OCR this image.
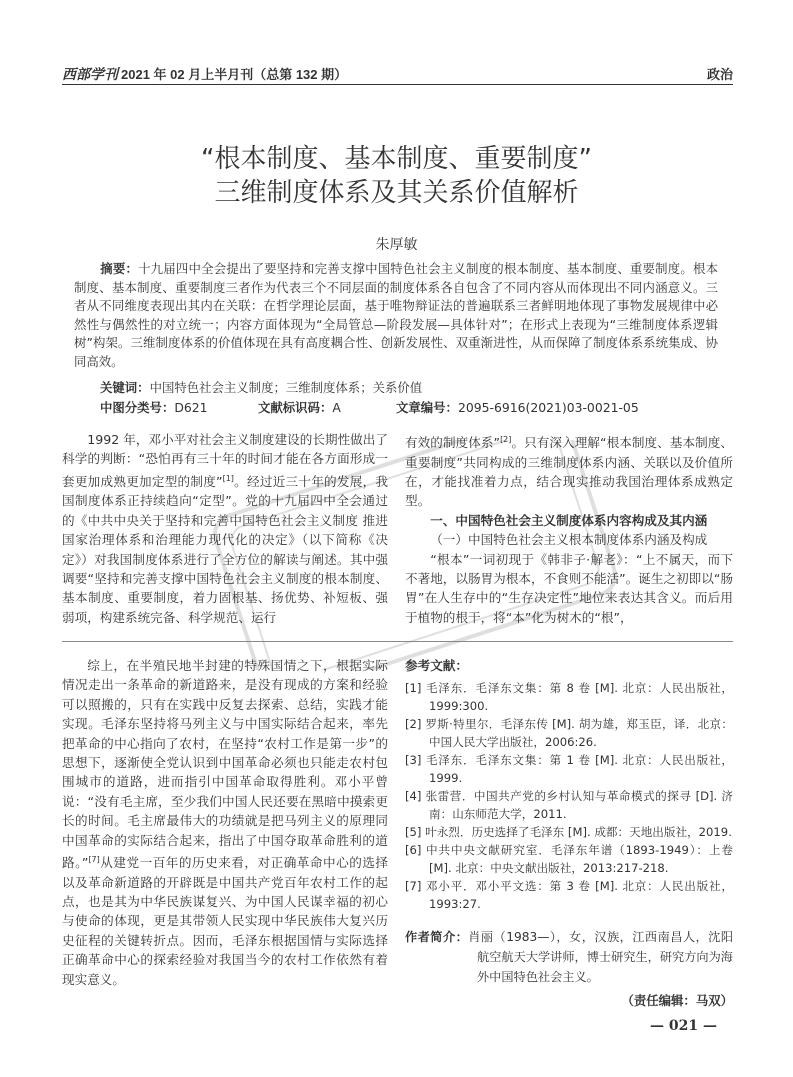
西部学刊 2021 年 02 月上半月刊（总第 132 期）	政治
“根本制度、基本制度、重要制度”
三维制度体系及其关系价值解析
朱厚敏
摘要：十九届四中全会提出了要坚持和完善支撑中国特色社会主义制度的根本制度、基本制度、重要制度。根本制度、基本制度、重要制度三者作为代表三个不同层面的制度体系各自包含了不同内容从而体现出不同内涵意义。三者从不同维度表现出其内在关联：在哲学理论层面，基于唯物辩证法的普遍联系三者鲜明地体现了事物发展规律中必然性与偶然性的对立统一；内容方面体现为“全局管总—阶段发展—具体针对”；在形式上表现为“三维制度体系逻辑树”构架。三维制度体系的价值体现在具有高度耦合性、创新发展性、双重渐进性，从而保障了制度体系系统集成、协同高效。
关键词：中国特色社会主义制度；三维制度体系；关系价值
中图分类号：D621	文献标识码：A	文章编号：2095-6916(2021)03-0021-05

1992 年，邓小平对社会主义制度建设的长期性做出了科学的判断：“恐怕再有三十年的时间才能在各方面形成一套更加成熟更加定型的制度”[1]。经过近三十年的发展，我国制度体系正持续趋向“定型”。党的十九届四中全会通过的《中共中央关于坚持和完善中国特色社会主义制度 推进国家治理体系和治理能力现代化的决定》（以下简称《决定》）对我国制度体系进行了全方位的解读与阐述。其中强调要“坚持和完善支撑中国特色社会主义制度的根本制度、基本制度、重要制度，着力固根基、扬优势、补短板、强弱项，构建系统完备、科学规范、运行

有效的制度体系”[2]。只有深入理解“根本制度、基本制度、重要制度”共同构成的三维制度体系内涵、关联以及价值所在，才能找准着力点，结合现实推动我国治理体系成熟定型。

一、中国特色社会主义制度体系内容构成及其内涵

（一）中国特色社会主义根本制度体系内涵及构成

“根本”一词初现于《韩非子·解老》：“上不属天，而下不著地，以肠胃为根本，不食则不能活”。诞生之初即以“肠胃”在人生存中的“生存决定性”地位来表达其含义。而后用于植物的根干，将“本”化为树木的“根”，

综上，在半殖民地半封建的特殊国情之下，根据实际情况走出一条革命的新道路来，是没有现成的方案和经验可以照搬的，只有在实践中反复去探索、总结，实践才能实现。毛泽东坚持将马列主义与中国实际结合起来，率先把革命的中心指向了农村，在坚持“农村工作是第一步”的思想下，逐渐使全党认识到中国革命必须也只能走农村包围城市的道路，进而指引中国革命取得胜利。邓小平曾说：“没有毛主席，至少我们中国人民还要在黑暗中摸索更长的时间。毛主席最伟大的功绩就是把马列主义的原理同中国革命的实际结合起来，指出了中国夺取革命胜利的道路。”[7]从建党一百年的历史来看，对正确革命中心的选择以及革命新道路的开辟既是中国共产党百年农村工作的起点，也是其为中华民族谋复兴、为中国人民谋幸福的初心与使命的体现，更是其带领人民实现中华民族伟大复兴历史征程的关键转折点。因而，毛泽东根据国情与实际选择正确革命中心的探索经验对我国当今的农村工作依然有着现实意义。

参考文献：
[1] 毛泽东．毛泽东文集：第 8 卷 [M]. 北京：人民出版社，1999:300.
[2] 罗斯·特里尔．毛泽东传 [M]. 胡为雄，郑玉臣，译．北京：中国人民大学出版社，2006:26.
[3] 毛泽东．毛泽东文集：第 1 卷 [M]. 北京：人民出版社，1999.
[4] 张雷营．中国共产党的乡村认知与革命模式的探寻 [D]. 济南：山东师范大学，2011.
[5] 叶永烈．历史选择了毛泽东 [M]. 成都：天地出版社，2019.
[6] 中共中央文献研究室．毛泽东年谱（1893-1949）：上卷 [M]. 北京：中央文献出版社，2013:217-218.
[7] 邓小平．邓小平文选：第 3 卷 [M]. 北京：人民出版社，1993:27.
作者简介：肖丽（1983—），女，汉族，江西南昌人，沈阳航空航天大学讲师，博士研究生，研究方向为海外中国特色社会主义。
（责任编辑：马双）
— 021 —
